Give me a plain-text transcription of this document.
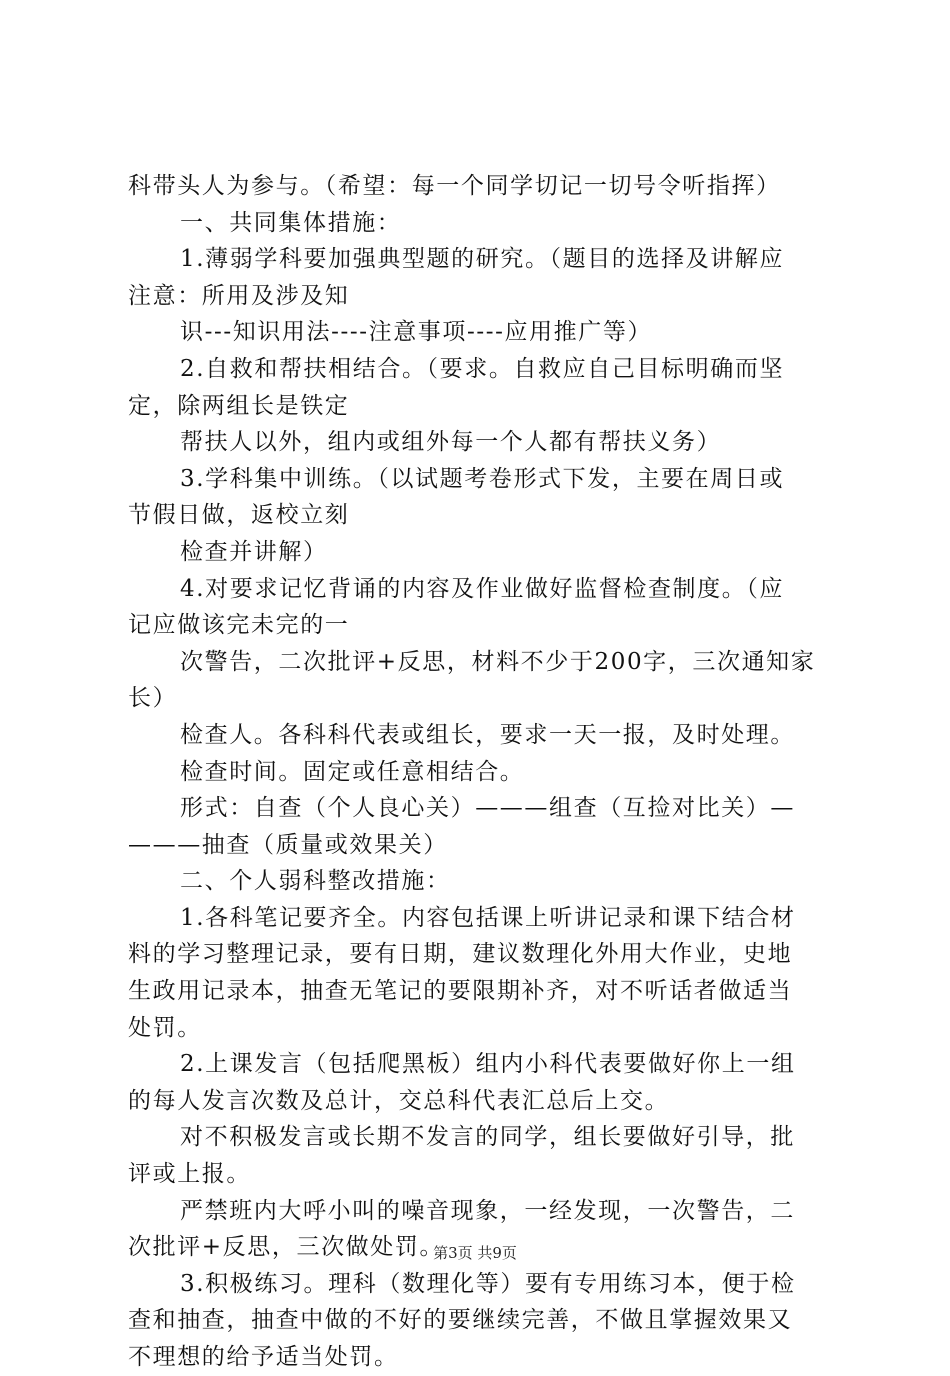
科带头人为参与。（希望：每一个同学切记一切号令听指挥）
一、共同集体措施：
1.薄弱学科要加强典型题的研究。（题目的选择及讲解应
注意：所用及涉及知
识---知识用法----注意事项----应用推广等）
2.自救和帮扶相结合。（要求。自救应自己目标明确而坚
定，除两组长是铁定
帮扶人以外，组内或组外每一个人都有帮扶义务）
3.学科集中训练。（以试题考卷形式下发，主要在周日或
节假日做，返校立刻
检查并讲解）
4.对要求记忆背诵的内容及作业做好监督检查制度。（应
记应做该完未完的一
次警告，二次批评+反思，材料不少于200字，三次通知家
长）
检查人。各科科代表或组长，要求一天一报，及时处理。
检查时间。固定或任意相结合。
形式：自查（个人良心关）———组查（互捡对比关）—
———抽查（质量或效果关）
二、个人弱科整改措施：
1.各科笔记要齐全。内容包括课上听讲记录和课下结合材
料的学习整理记录，要有日期，建议数理化外用大作业，史地
生政用记录本，抽查无笔记的要限期补齐，对不听话者做适当
处罚。
2.上课发言（包括爬黑板）组内小科代表要做好你上一组
的每人发言次数及总计，交总科代表汇总后上交。
对不积极发言或长期不发言的同学，组长要做好引导，批
评或上报。
严禁班内大呼小叫的噪音现象，一经发现，一次警告，二
次批评+反思，三次做处罚。
3.积极练习。理科（数理化等）要有专用练习本，便于检
查和抽查，抽查中做的不好的要继续完善，不做且掌握效果又
不理想的给予适当处罚。
第3页 共9页
